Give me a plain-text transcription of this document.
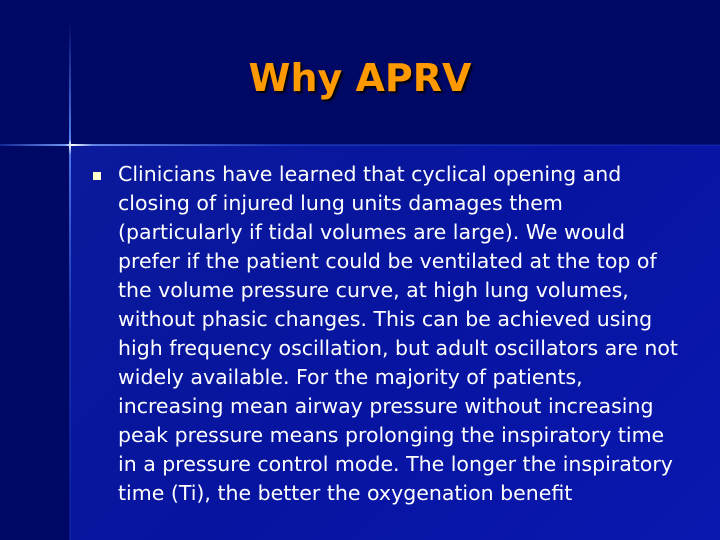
Why APRV
Clinicians have learned that cyclical opening and
closing of injured lung units damages them
(particularly if tidal volumes are large). We would
prefer if the patient could be ventilated at the top of
the volume pressure curve, at high lung volumes,
without phasic changes. This can be achieved using
high frequency oscillation, but adult oscillators are not
widely available. For the majority of patients,
increasing mean airway pressure without increasing
peak pressure means prolonging the inspiratory time
in a pressure control mode. The longer the inspiratory
time (Ti), the better the oxygenation benefit
